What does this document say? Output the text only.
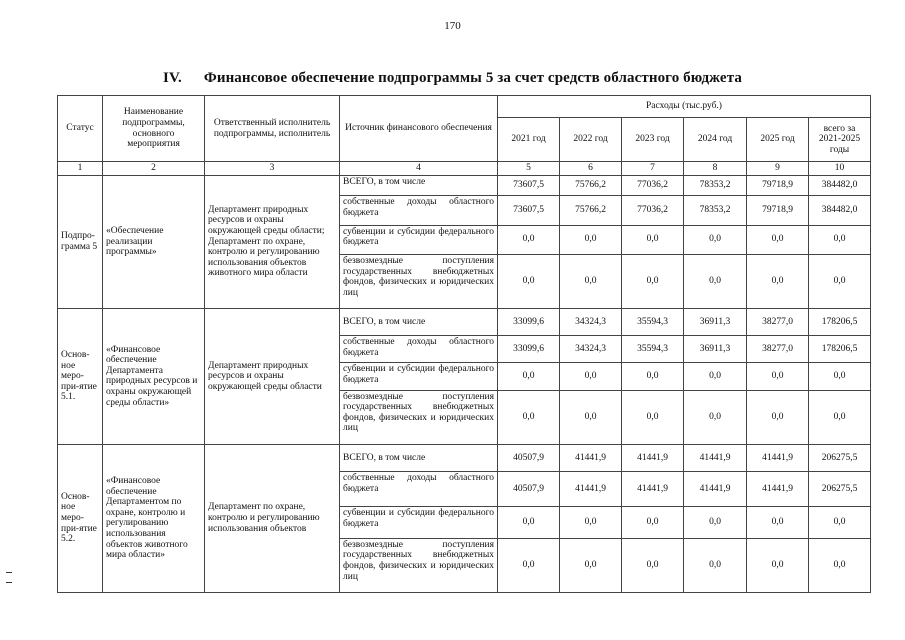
170
IV. Финансовое обеспечение подпрограммы 5 за счет средств областного бюджета
Статус	Наименование подпрограммы, основного мероприятия	Ответственный исполнитель подпрограммы, исполнитель	Источник финансового обеспечения	Расходы (тыс.руб.)					
				2021 год	2022 год	2023 год	2024 год	2025 год	всего за 2021-2025 годы
1	2	3	4	5	6	7	8	9	10
Подпро-грамма 5	«Обеспечение реализации программы»	Департамент природных ресурсов и охраны окружающей среды области; Департамент по охране, контролю и регулированию использования объектов животного мира области	ВСЕГО, в том числе	73607,5	75766,2	77036,2	78353,2	79718,9	384482,0
			собственные доходы областного бюджета	73607,5	75766,2	77036,2	78353,2	79718,9	384482,0
			субвенции и субсидии федерального бюджета	0,0	0,0	0,0	0,0	0,0	0,0
			безвозмездные поступления государственных внебюджетных фондов, физических и юридических лиц	0,0	0,0	0,0	0,0	0,0	0,0
Основ-ное меро-при-ятие 5.1.	«Финансовое обеспечение Департамента природных ресурсов и охраны окружающей среды области»	Департамент природных ресурсов и охраны окружающей среды области	ВСЕГО, в том числе	33099,6	34324,3	35594,3	36911,3	38277,0	178206,5
			собственные доходы областного бюджета	33099,6	34324,3	35594,3	36911,3	38277,0	178206,5
			субвенции и субсидии федерального бюджета	0,0	0,0	0,0	0,0	0,0	0,0
			безвозмездные поступления государственных внебюджетных фондов, физических и юридических лиц	0,0	0,0	0,0	0,0	0,0	0,0
Основ-ное меро-при-ятие 5.2.	«Финансовое обеспечение Департаментом по охране, контролю и регулированию использования объектов животного мира области»	Департамент по охране, контролю и регулированию использования объектов	ВСЕГО, в том числе	40507,9	41441,9	41441,9	41441,9	41441,9	206275,5
			собственные доходы областного бюджета	40507,9	41441,9	41441,9	41441,9	41441,9	206275,5
			субвенции и субсидии федерального бюджета	0,0	0,0	0,0	0,0	0,0	0,0
			безвозмездные поступления государственных внебюджетных фондов, физических и юридических лиц	0,0	0,0	0,0	0,0	0,0	0,0
